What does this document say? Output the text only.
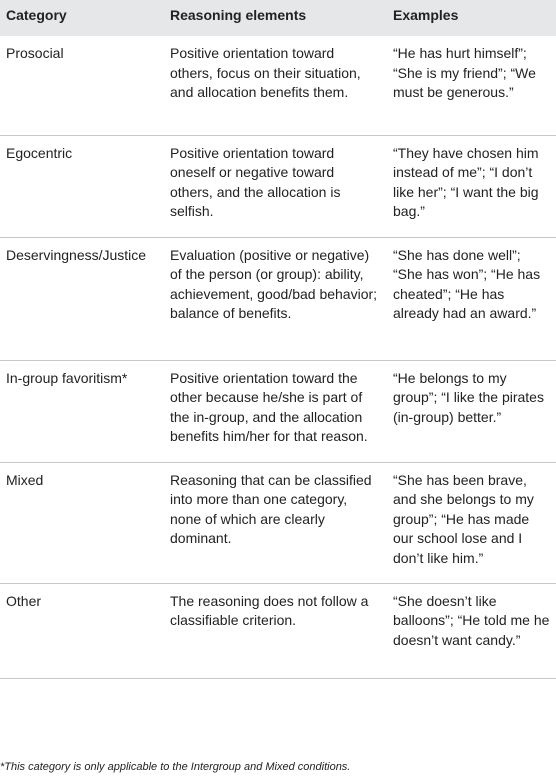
Category	Reasoning elements	Examples
Prosocial	Positive orientation toward others, focus on their situation, and allocation benefits them.	“He has hurt himself”; “She is my friend”; “We must be generous.”
Egocentric	Positive orientation toward oneself or negative toward others, and the allocation is selfish.	“They have chosen him instead of me”; “I don’t like her”; “I want the big bag.”
Deservingness/Justice	Evaluation (positive or negative) of the person (or group): ability, achievement, good/bad behavior; balance of benefits.	“She has done well”; “She has won”; “He has cheated”; “He has already had an award.”
In-group favoritism*	Positive orientation toward the other because he/she is part of the in-group, and the allocation benefits him/her for that reason.	“He belongs to my group”; “I like the pirates (in-group) better.”
Mixed	Reasoning that can be classified into more than one category, none of which are clearly dominant.	“She has been brave, and she belongs to my group”; “He has made our school lose and I don’t like him.”
Other	The reasoning does not follow a classifiable criterion.	“She doesn’t like balloons”; “He told me he doesn’t want candy.”
*This category is only applicable to the Intergroup and Mixed conditions.
